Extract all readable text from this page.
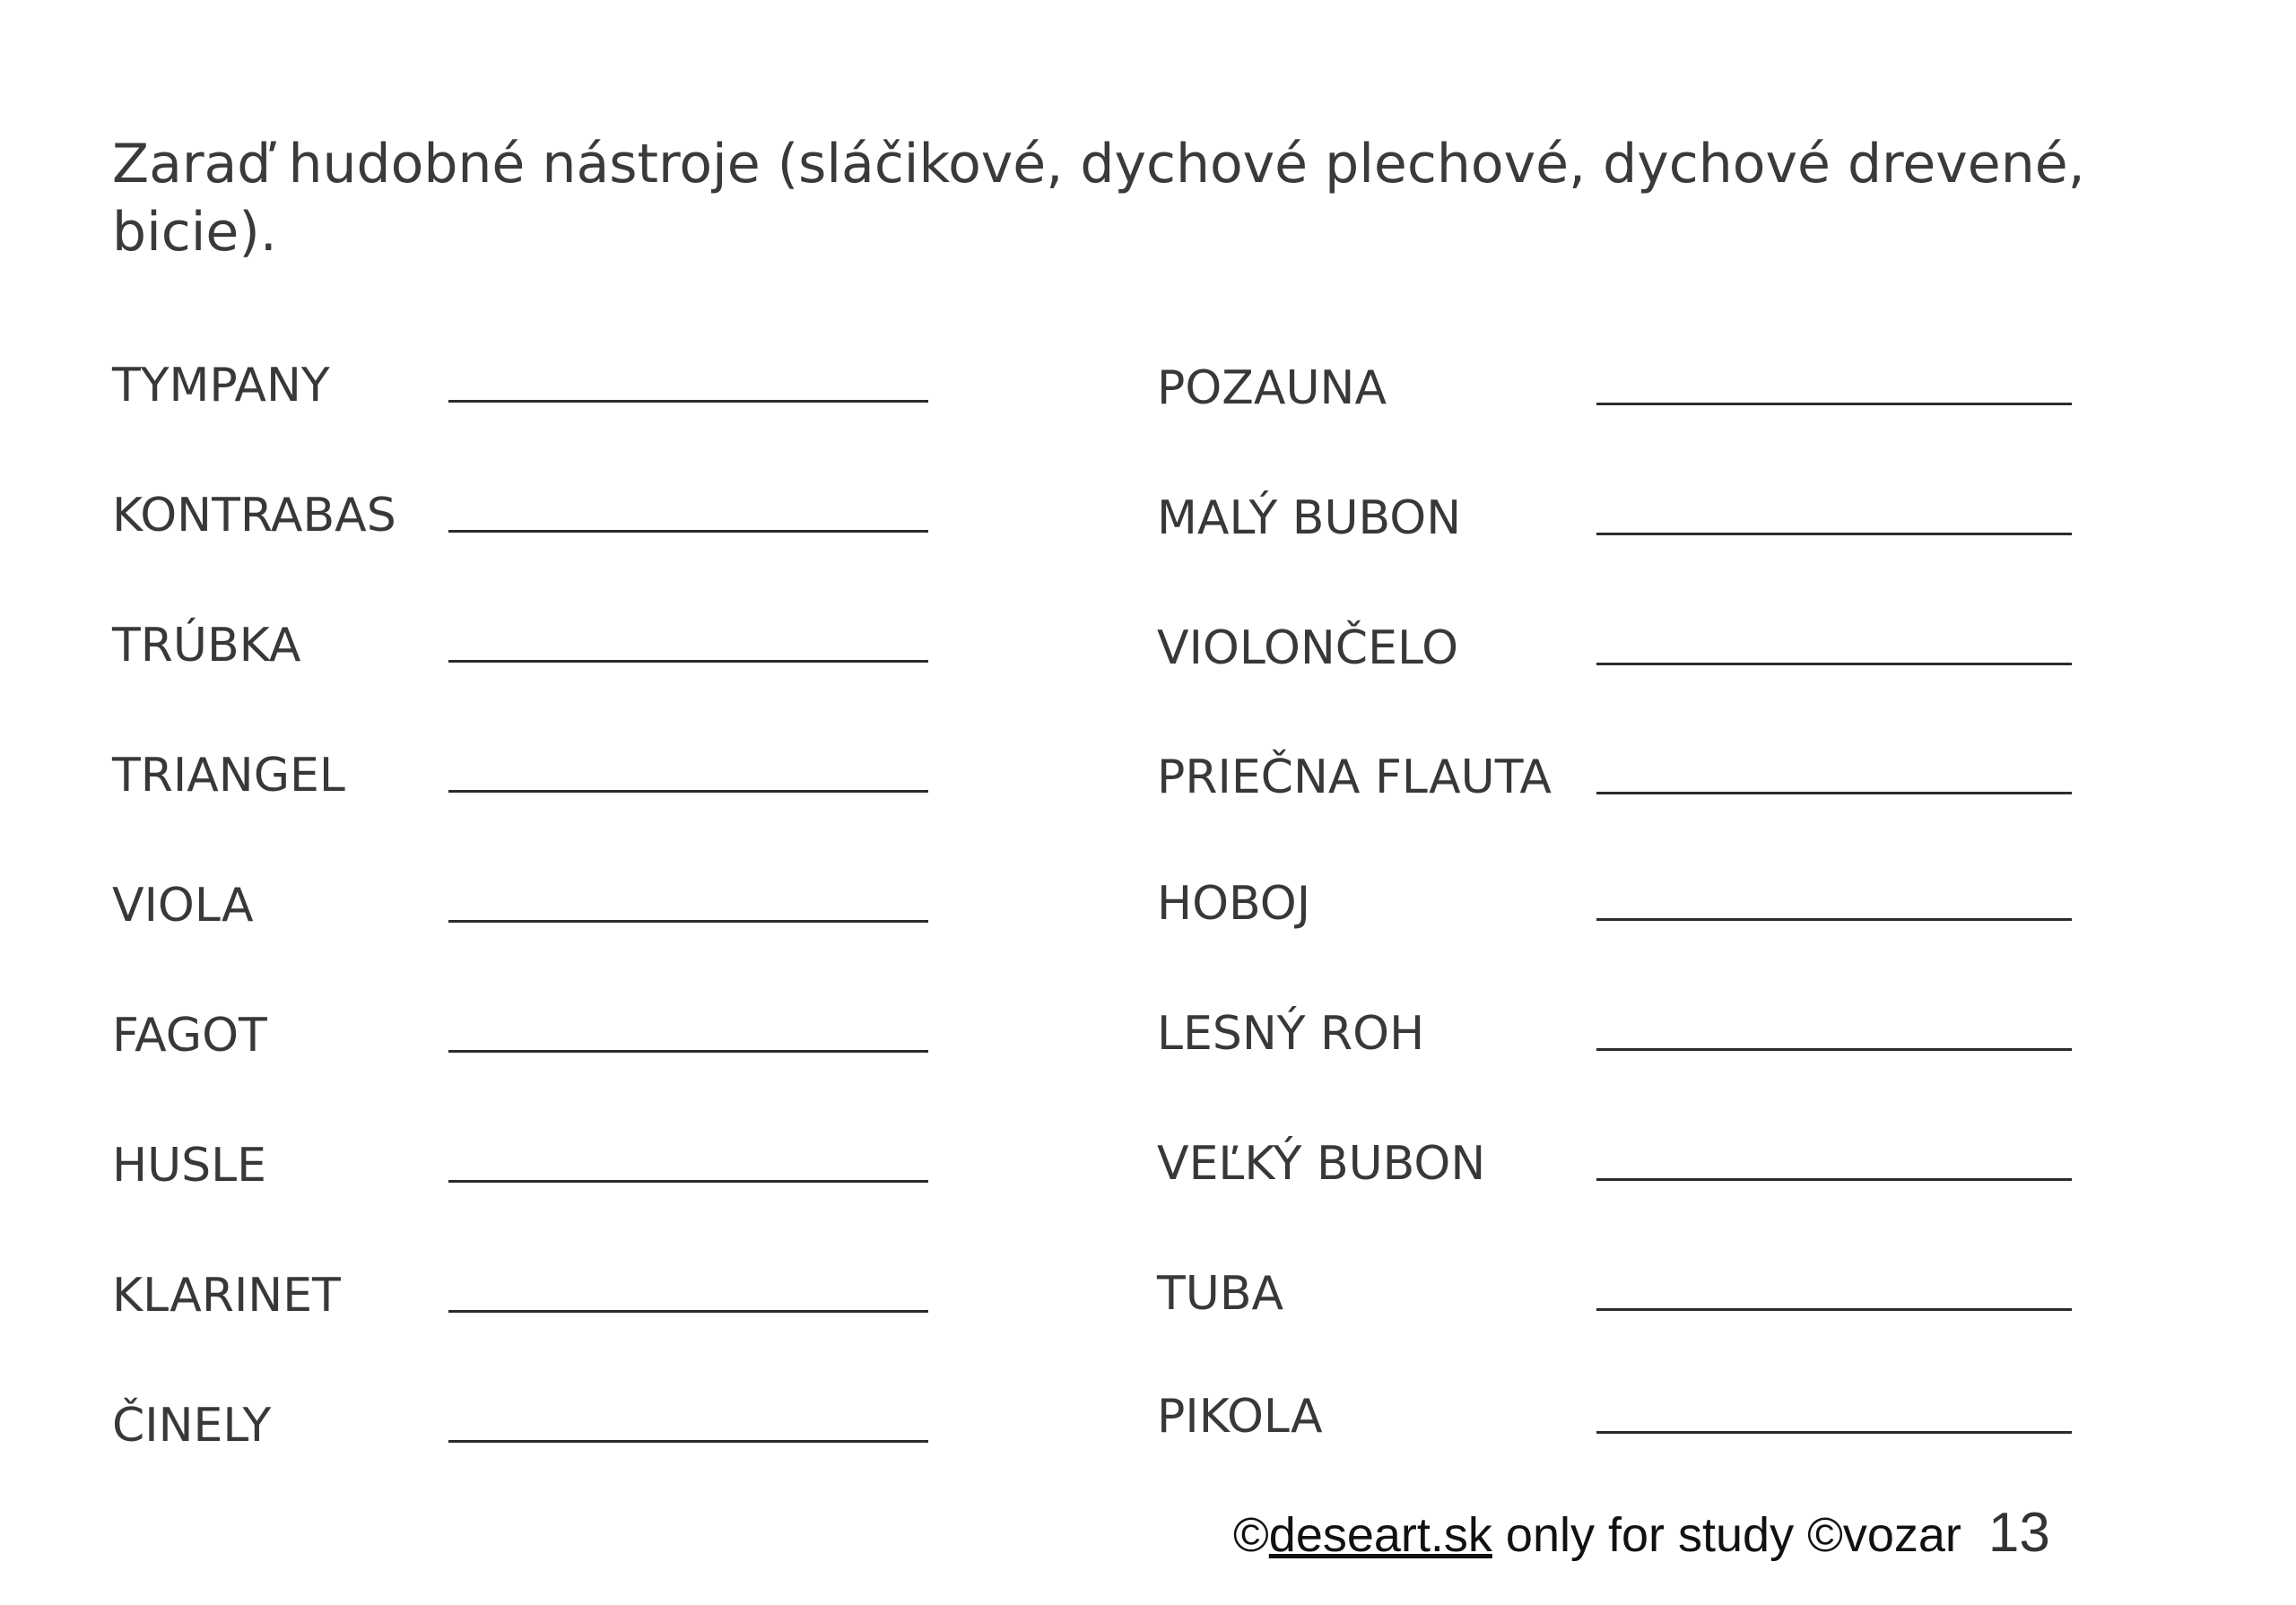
Zaraď hudobné nástroje (sláčikové, dychové plechové, dychové drevené, bicie).

TYMPANY
KONTRABAS
TRÚBKA
TRIANGEL
VIOLA
FAGOT
HUSLE
KLARINET
ČINELY
POZAUNA
MALÝ BUBON
VIOLONČELO
PRIEČNA FLAUTA
HOBOJ
LESNÝ ROH
VEĽKÝ BUBON
TUBA
PIKOLA
©deseart.sk only for study ©vozar 13
